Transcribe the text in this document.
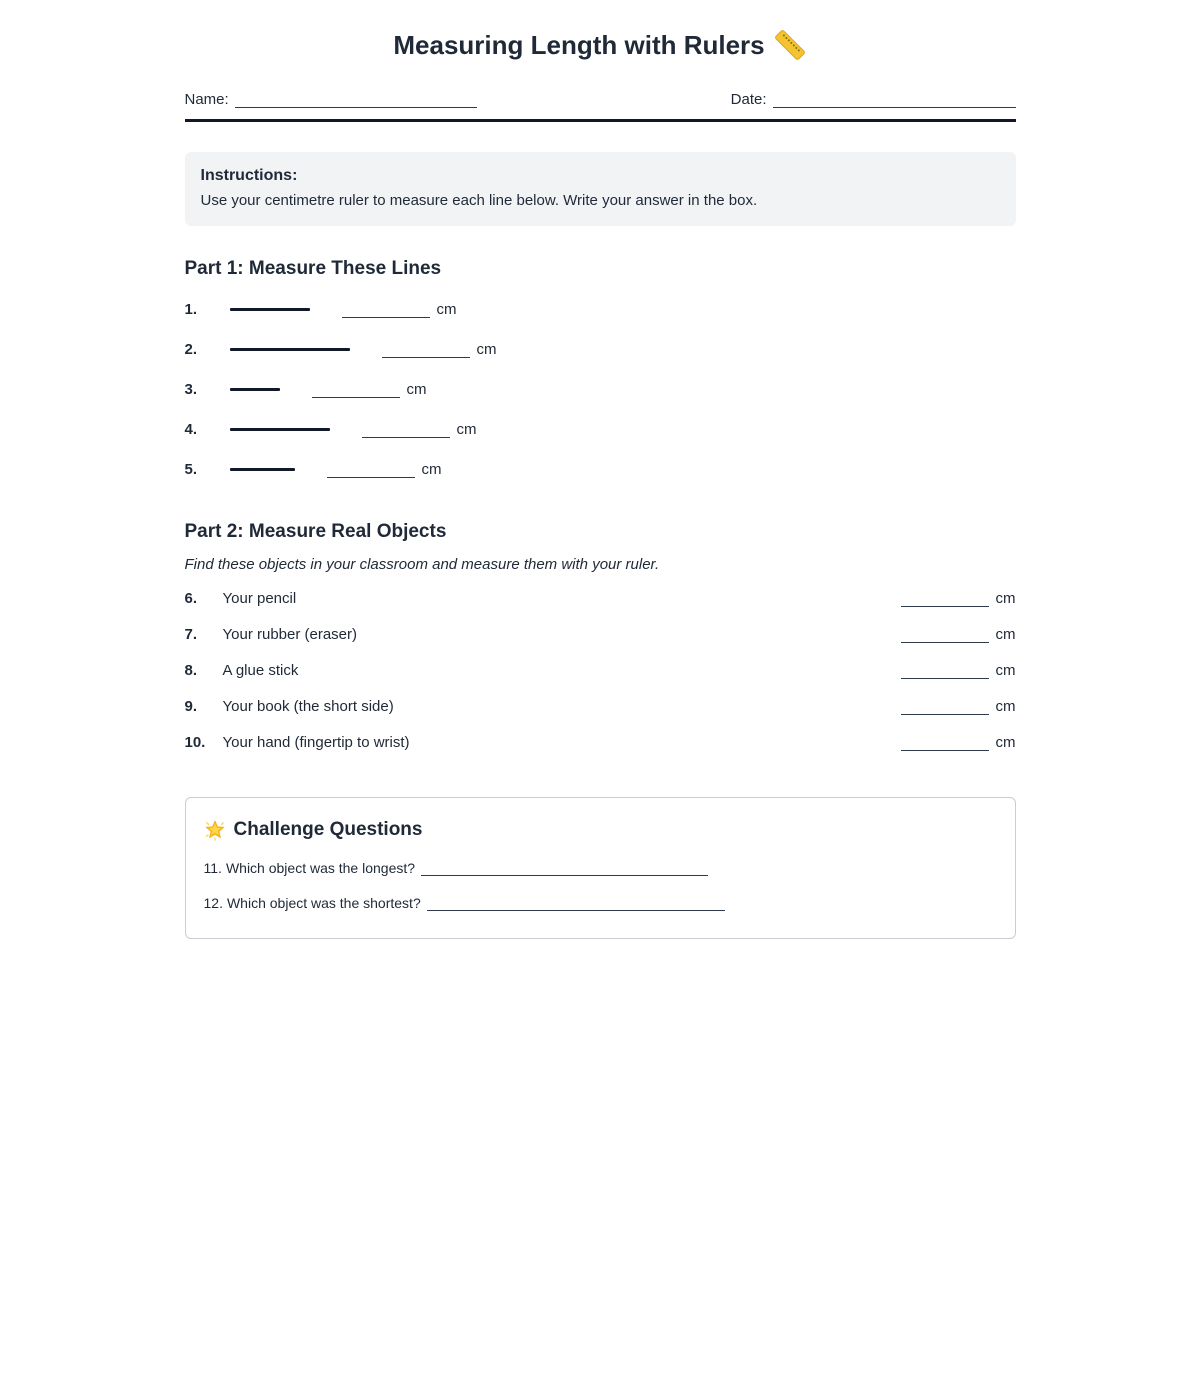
Measuring Length with Rulers
Name:	Date:
Instructions:
Use your centimetre ruler to measure each line below. Write your answer in the box.
Part 1: Measure These Lines
1.	cm
2.	cm
3.	cm
4.	cm
5.	cm
Part 2: Measure Real Objects
Find these objects in your classroom and measure them with your ruler.
6.	Your pencil	cm
7.	Your rubber (eraser)	cm
8.	A glue stick	cm
9.	Your book (the short side)	cm
10.	Your hand (fingertip to wrist)	cm
Challenge Questions
11. Which object was the longest?
12. Which object was the shortest?
